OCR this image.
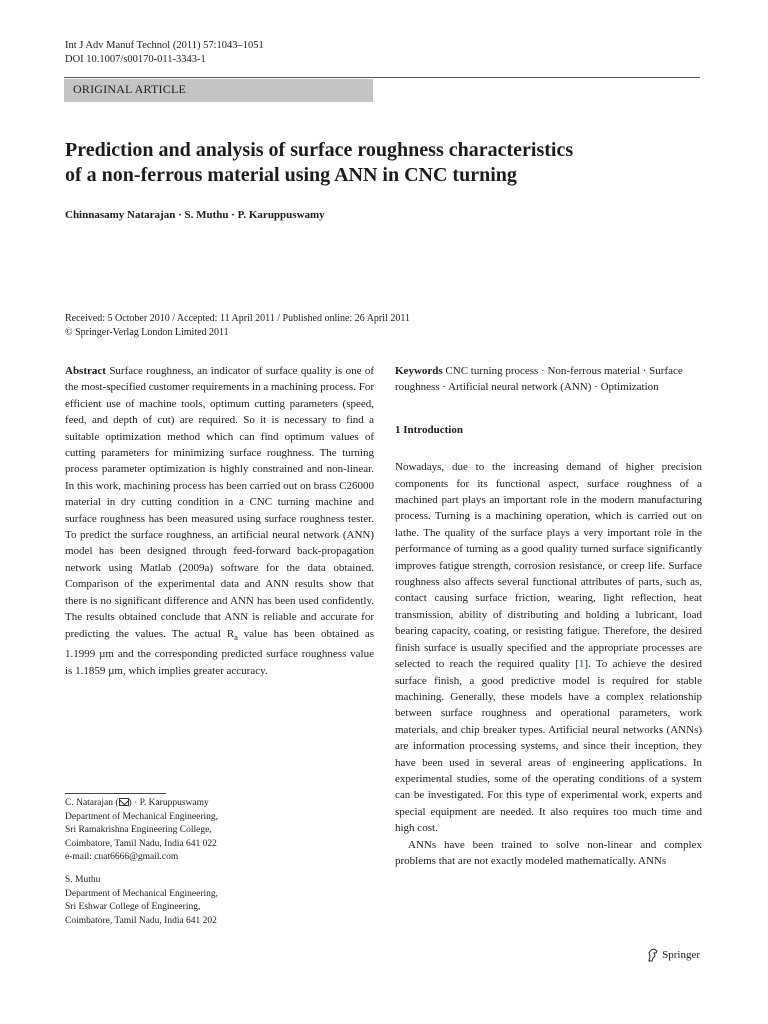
Int J Adv Manuf Technol (2011) 57:1043–1051
DOI 10.1007/s00170-011-3343-1
ORIGINAL ARTICLE
Prediction and analysis of surface roughness characteristics
of a non-ferrous material using ANN in CNC turning
Chinnasamy Natarajan · S. Muthu · P. Karuppuswamy
Received: 5 October 2010 / Accepted: 11 April 2011 / Published online: 26 April 2011
© Springer-Verlag London Limited 2011

Abstract Surface roughness, an indicator of surface quality is one of the most-specified customer requirements in a machining process. For efficient use of machine tools, optimum cutting parameters (speed, feed, and depth of cut) are required. So it is necessary to find a suitable optimization method which can find optimum values of cutting parameters for minimizing surface roughness. The turning process parameter optimization is highly constrained and non-linear. In this work, machining process has been carried out on brass C26000 material in dry cutting condition in a CNC turning machine and surface roughness has been measured using surface roughness tester. To predict the surface roughness, an artificial neural network (ANN) model has been designed through feed-forward back-propagation network using Matlab (2009a) software for the data obtained. Comparison of the experimental data and ANN results show that there is no significant difference and ANN has been used confidently. The results obtained conclude that ANN is reliable and accurate for predicting the values. The actual $R_a$ value has been obtained as 1.1999 µm and the corresponding predicted surface roughness value is 1.1859 µm, which implies greater accuracy.

C. Natarajan ( ) · P. Karuppuswamy
Department of Mechanical Engineering,
Sri Ramakrishna Engineering College,
Coimbatore, Tamil Nadu, India 641 022
e-mail: cnat6666@gmail.com
S. Muthu
Department of Mechanical Engineering,
Sri Eshwar College of Engineering,
Coimbatore, Tamil Nadu, India 641 202

Keywords CNC turning process · Non-ferrous material · Surface roughness · Artificial neural network (ANN) · Optimization

1 Introduction

Nowadays, due to the increasing demand of higher precision components for its functional aspect, surface roughness of a machined part plays an important role in the modern manufacturing process. Turning is a machining operation, which is carried out on lathe. The quality of the surface plays a very important role in the performance of turning as a good quality turned surface significantly improves fatigue strength, corrosion resistance, or creep life. Surface roughness also affects several functional attributes of parts, such as, contact causing surface friction, wearing, light reflection, heat transmission, ability of distributing and holding a lubricant, load bearing capacity, coating, or resisting fatigue. Therefore, the desired finish surface is usually specified and the appropriate processes are selected to reach the required quality [1]. To achieve the desired surface finish, a good predictive model is required for stable machining. Generally, these models have a complex relationship between surface roughness and operational parameters, work materials, and chip breaker types. Artificial neural networks (ANNs) are information processing systems, and since their inception, they have been used in several areas of engineering applications. In experimental studies, some of the operating conditions of a system can be investigated. For this type of experimental work, experts and special equipment are needed. It also requires too much time and high cost.

ANNs have been trained to solve non-linear and complex problems that are not exactly modeled mathematically. ANNs

Springer
